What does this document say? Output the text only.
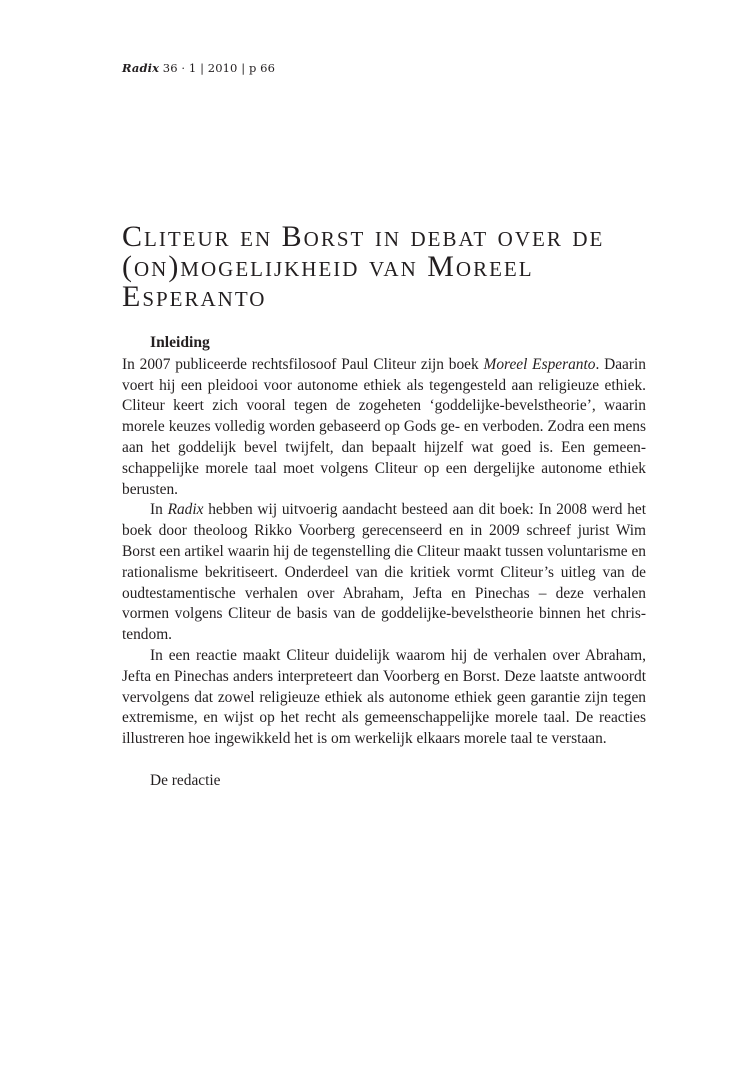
Radix 36 · 1 | 2010 | p 66
Cliteur en Borst in debat over de (on)mogelijkheid van Moreel Esperanto
Inleiding

In 2007 publiceerde rechtsfilosoof Paul Cliteur zijn boek Moreel Esperanto. Daarin voert hij een pleidooi voor autonome ethiek als tegengesteld aan religieuze ethiek. Cliteur keert zich vooral tegen de zogeheten ‘goddelijke-bevelstheorie’, waarin morele keuzes volledig worden gebaseerd op Gods ge- en verboden. Zodra een mens aan het goddelijk bevel twijfelt, dan bepaalt hijzelf wat goed is. Een gemeenschappelijke morele taal moet volgens Cliteur op een dergelijke autonome ethiek berusten.

In Radix hebben wij uitvoerig aandacht besteed aan dit boek: In 2008 werd het boek door theoloog Rikko Voorberg gerecenseerd en in 2009 schreef jurist Wim Borst een artikel waarin hij de tegenstelling die Cliteur maakt tussen voluntarisme en rationalisme bekritiseert. Onderdeel van die kritiek vormt Cliteur’s uitleg van de oudtestamentische verhalen over Abraham, Jefta en Pinechas – deze verhalen vormen volgens Cliteur de basis van de goddelijke-bevelstheorie binnen het christendom.

In een reactie maakt Cliteur duidelijk waarom hij de verhalen over Abraham, Jefta en Pinechas anders interpreteert dan Voorberg en Borst. Deze laatste antwoordt vervolgens dat zowel religieuze ethiek als autonome ethiek geen garantie zijn tegen extremisme, en wijst op het recht als gemeenschappelijke morele taal. De reacties illustreren hoe ingewikkeld het is om werkelijk elkaars morele taal te verstaan.

De redactie
